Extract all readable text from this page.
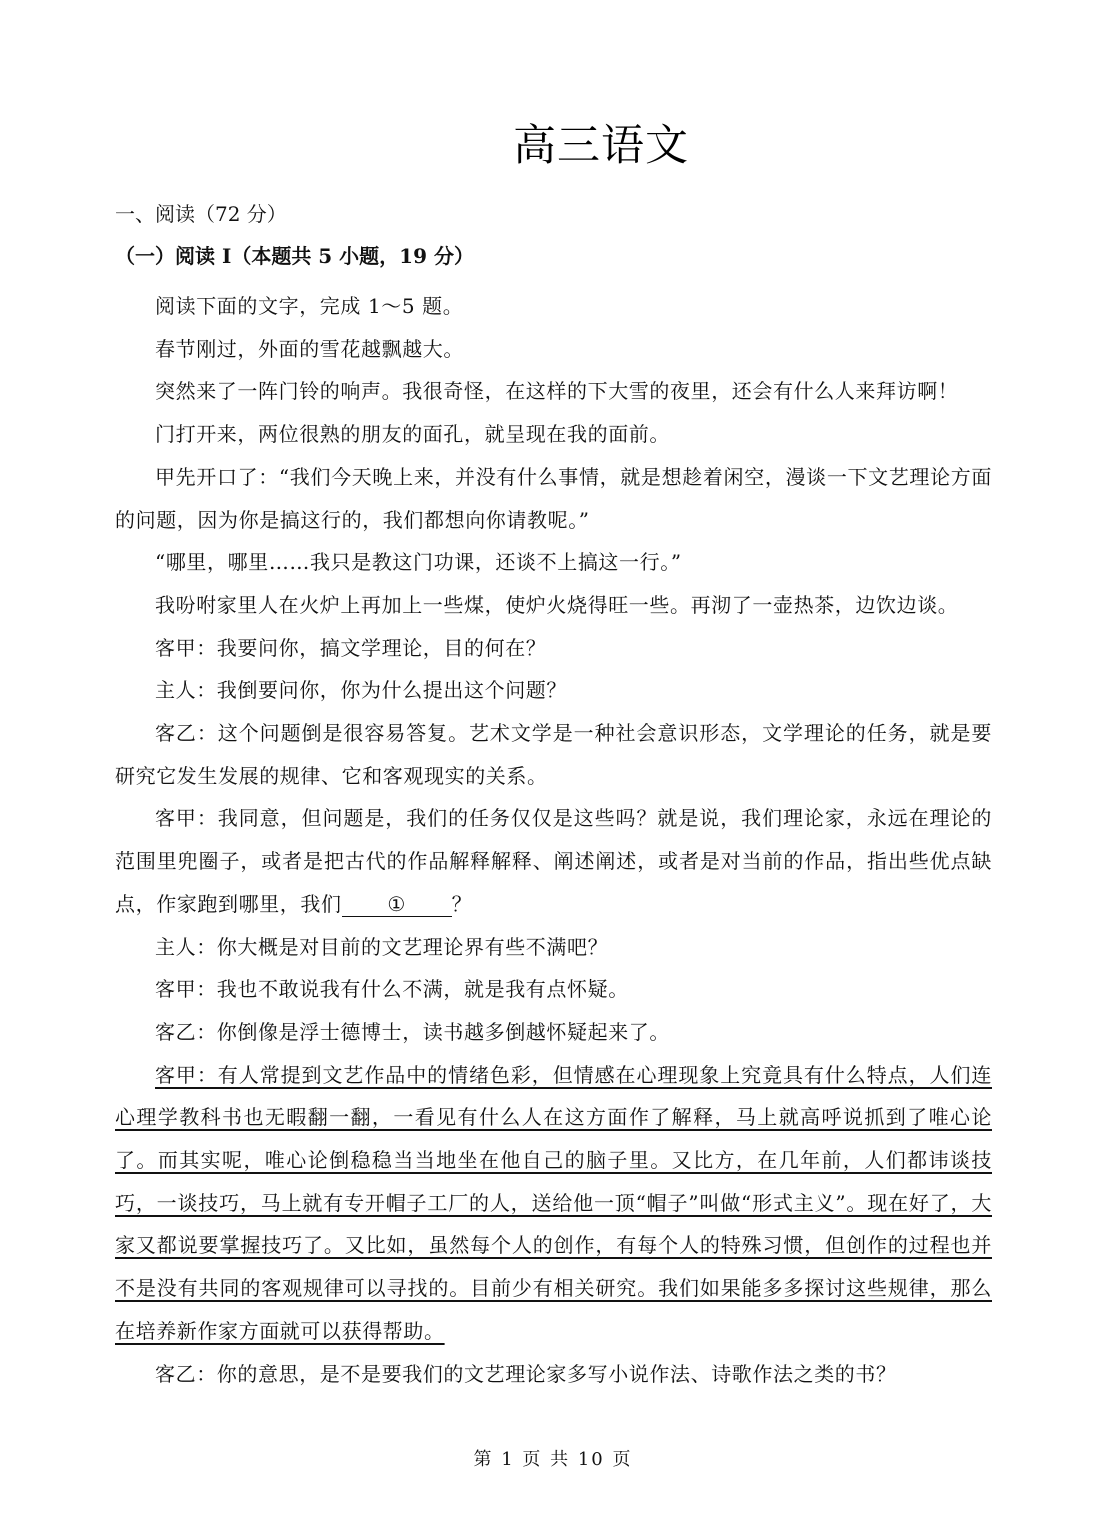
高三语文
一、阅读（72 分）
（一）阅读 I（本题共 5 小题，19 分）

阅读下面的文字，完成 1～5 题。

春节刚过，外面的雪花越飘越大。

突然来了一阵门铃的响声。我很奇怪，在这样的下大雪的夜里，还会有什么人来拜访啊！

门打开来，两位很熟的朋友的面孔，就呈现在我的面前。

甲先开口了：“我们今天晚上来，并没有什么事情，就是想趁着闲空，漫谈一下文艺理论方面的问题，因为你是搞这行的，我们都想向你请教呢。”

“哪里，哪里……我只是教这门功课，还谈不上搞这一行。”

我吩咐家里人在火炉上再加上一些煤，使炉火烧得旺一些。再沏了一壶热茶，边饮边谈。

客甲：我要问你，搞文学理论，目的何在？

主人：我倒要问你，你为什么提出这个问题？

客乙：这个问题倒是很容易答复。艺术文学是一种社会意识形态，文学理论的任务，就是要研究它发生发展的规律、它和客观现实的关系。

客甲：我同意，但问题是，我们的任务仅仅是这些吗？就是说，我们理论家，永远在理论的范围里兜圈子，或者是把古代的作品解释解释、阐述阐述，或者是对当前的作品，指出些优点缺点，作家跑到哪里，我们 ① ？

主人：你大概是对目前的文艺理论界有些不满吧？

客甲：我也不敢说我有什么不满，就是我有点怀疑。

客乙：你倒像是浮士德博士，读书越多倒越怀疑起来了。

客甲：有人常提到文艺作品中的情绪色彩，但情感在心理现象上究竟具有什么特点，人们连心理学教科书也无暇翻一翻，一看见有什么人在这方面作了解释，马上就高呼说抓到了唯心论了。而其实呢，唯心论倒稳稳当当地坐在他自己的脑子里。又比方，在几年前，人们都讳谈技巧，一谈技巧，马上就有专开帽子工厂的人，送给他一顶“帽子”叫做“形式主义”。现在好了，大家又都说要掌握技巧了。又比如，虽然每个人的创作，有每个人的特殊习惯，但创作的过程也并不是没有共同的客观规律可以寻找的。目前少有相关研究。我们如果能多多探讨这些规律，那么在培养新作家方面就可以获得帮助。

客乙：你的意思，是不是要我们的文艺理论家多写小说作法、诗歌作法之类的书？

第 1 页 共 10 页
